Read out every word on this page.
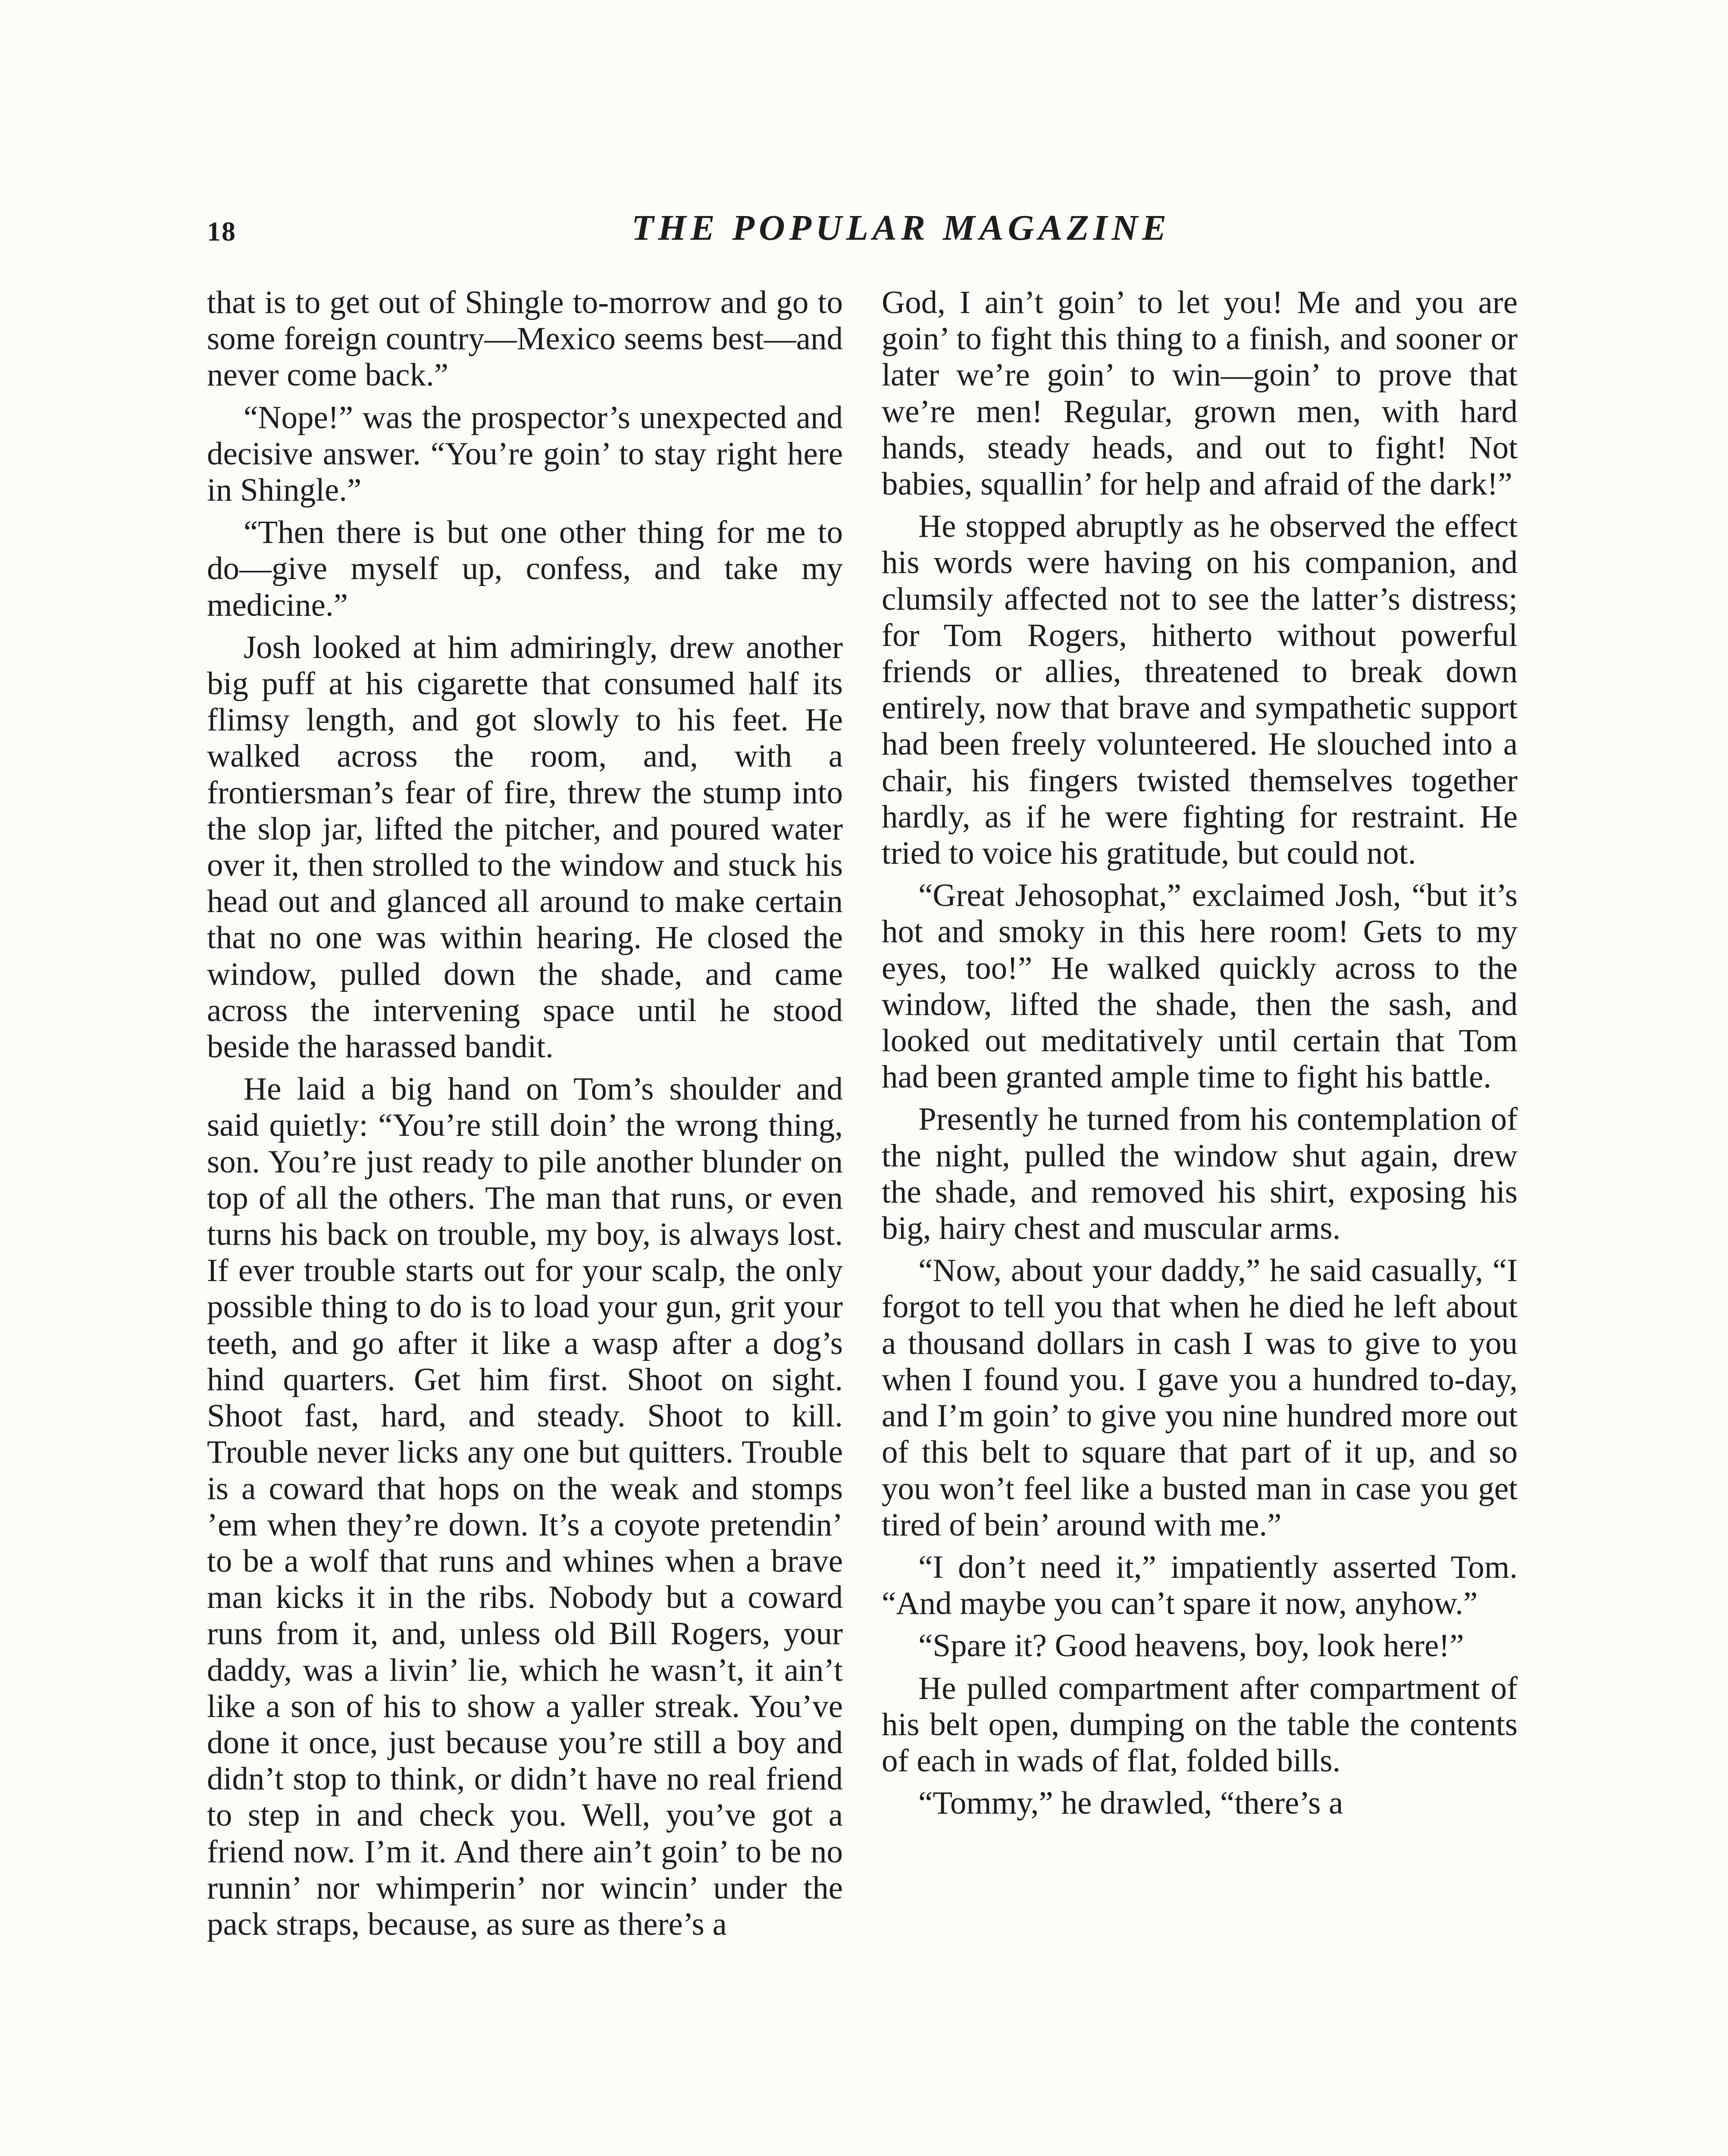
18	THE POPULAR MAGAZINE

that is to get out of Shingle to-morrow and go to some foreign country—Mexico seems best—and never come back.”

“Nope!” was the prospector’s unexpected and decisive answer. “You’re goin’ to stay right here in Shingle.”

“Then there is but one other thing for me to do—give myself up, confess, and take my medicine.”

Josh looked at him admiringly, drew another big puff at his cigarette that consumed half its flimsy length, and got slowly to his feet. He walked across the room, and, with a frontiersman’s fear of fire, threw the stump into the slop jar, lifted the pitcher, and poured water over it, then strolled to the window and stuck his head out and glanced all around to make certain that no one was within hearing. He closed the window, pulled down the shade, and came across the intervening space until he stood beside the harassed bandit.

He laid a big hand on Tom’s shoulder and said quietly: “You’re still doin’ the wrong thing, son. You’re just ready to pile another blunder on top of all the others. The man that runs, or even turns his back on trouble, my boy, is always lost. If ever trouble starts out for your scalp, the only possible thing to do is to load your gun, grit your teeth, and go after it like a wasp after a dog’s hind quarters. Get him first. Shoot on sight. Shoot fast, hard, and steady. Shoot to kill. Trouble never licks any one but quitters. Trouble is a coward that hops on the weak and stomps ’em when they’re down. It’s a coyote pretendin’ to be a wolf that runs and whines when a brave man kicks it in the ribs. Nobody but a coward runs from it, and, unless old Bill Rogers, your daddy, was a livin’ lie, which he wasn’t, it ain’t like a son of his to show a yaller streak. You’ve done it once, just because you’re still a boy and didn’t stop to think, or didn’t have no real friend to step in and check you. Well, you’ve got a friend now. I’m it. And there ain’t goin’ to be no runnin’ nor whimperin’ nor wincin’ under the pack straps, because, as sure as there’s a

God, I ain’t goin’ to let you! Me and you are goin’ to fight this thing to a finish, and sooner or later we’re goin’ to win—goin’ to prove that we’re men! Regular, grown men, with hard hands, steady heads, and out to fight! Not babies, squallin’ for help and afraid of the dark!”

He stopped abruptly as he observed the effect his words were having on his companion, and clumsily affected not to see the latter’s distress; for Tom Rogers, hitherto without powerful friends or allies, threatened to break down entirely, now that brave and sympathetic support had been freely volunteered. He slouched into a chair, his fingers twisted themselves together hardly, as if he were fighting for restraint. He tried to voice his gratitude, but could not.

“Great Jehosophat,” exclaimed Josh, “but it’s hot and smoky in this here room! Gets to my eyes, too!” He walked quickly across to the window, lifted the shade, then the sash, and looked out meditatively until certain that Tom had been granted ample time to fight his battle.

Presently he turned from his contemplation of the night, pulled the window shut again, drew the shade, and removed his shirt, exposing his big, hairy chest and muscular arms.

“Now, about your daddy,” he said casually, “I forgot to tell you that when he died he left about a thousand dollars in cash I was to give to you when I found you. I gave you a hundred to-day, and I’m goin’ to give you nine hundred more out of this belt to square that part of it up, and so you won’t feel like a busted man in case you get tired of bein’ around with me.”

“I don’t need it,” impatiently asserted Tom. “And maybe you can’t spare it now, anyhow.”

“Spare it? Good heavens, boy, look here!”

He pulled compartment after compartment of his belt open, dumping on the table the contents of each in wads of flat, folded bills.

“Tommy,” he drawled, “there’s a
